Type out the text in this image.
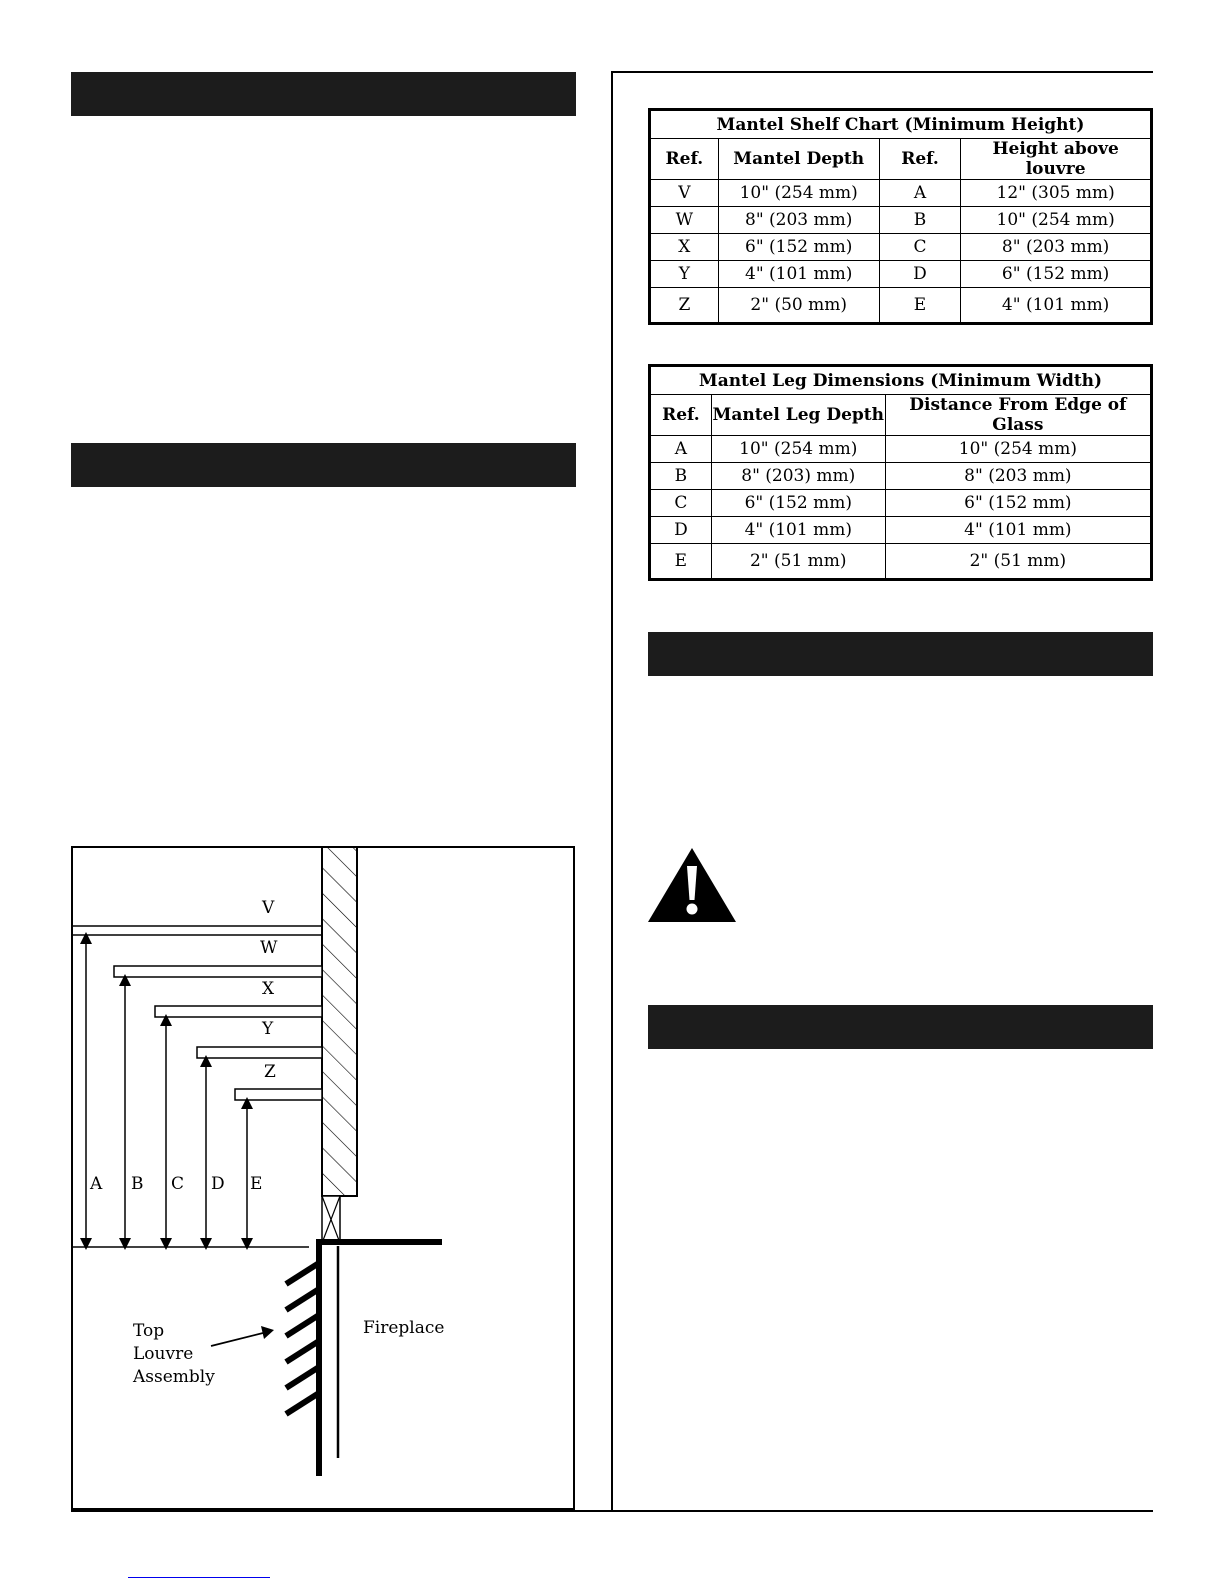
Mantel Shelf Chart (Minimum Height)			
Ref.	Mantel Depth	Ref.	Height above louvre
V	10" (254 mm)	A	12" (305 mm)
W	8" (203 mm)	B	10" (254 mm)
X	6" (152 mm)	C	8" (203 mm)
Y	4" (101 mm)	D	6" (152 mm)
Z	2" (50 mm)	E	4" (101 mm)
Mantel Leg Dimensions (Minimum Width)		
Ref.	Mantel Leg Depth	Distance From Edge of Glass
A	10" (254 mm)	10" (254 mm)
B	8" (203) mm)	8" (203 mm)
C	6" (152 mm)	6" (152 mm)
D	4" (101 mm)	4" (101 mm)
E	2" (51 mm)	2" (51 mm)
V
W
X
Y
Z
A B C D E
Top
Louvre
Assembly
Fireplace
